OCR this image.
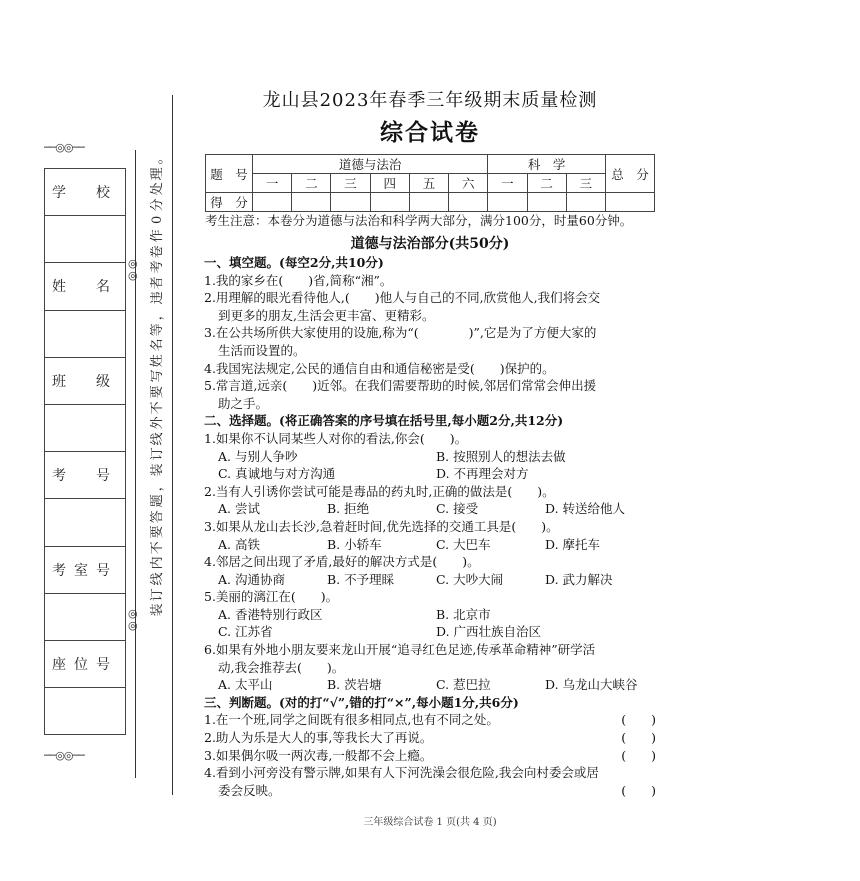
──◎◎──
◎
◎
◎
◎
──◎◎──
学　校

姓　名

班　级

考　号

考室号

座位号

。
理
处
分
0
作
卷
考
者
违
，
等
名
姓
写
要
不
外
线
订
装
，
题
答
要
不
内
线
订
装
龙山县2023年春季三年级期末质量检测
综合试卷
题　号	道德与法治						科　学			总　分
	一	二	三	四	五	六	一	二	三	
得　分										
考生注意：本卷分为道德与法治和科学两大部分，满分100分，时量60分钟。
道德与法治部分(共50分)
一、填空题。(每空2分,共10分)
1.我的家乡在(　　)省,简称“湘”。
2.用理解的眼光看待他人,(　　)他人与自己的不同,欣赏他人,我们将会交
到更多的朋友,生活会更丰富、更精彩。
3.在公共场所供大家使用的设施,称为“(　　　　)”,它是为了方便大家的
生活而设置的。
4.我国宪法规定,公民的通信自由和通信秘密是受(　　)保护的。
5.常言道,远亲(　　)近邻。在我们需要帮助的时候,邻居们常常会伸出援
助之手。
二、选择题。(将正确答案的序号填在括号里,每小题2分,共12分)
1.如果你不认同某些人对你的看法,你会(　　)。
A. 与别人争吵	B. 按照别人的想法去做
C. 真诚地与对方沟通	D. 不再理会对方
2.当有人引诱你尝试可能是毒品的药丸时,正确的做法是(　　)。
A. 尝试	B. 拒绝	C. 接受	D. 转送给他人
3.如果从龙山去长沙,急着赶时间,优先选择的交通工具是(　　)。
A. 高铁	B. 小轿车	C. 大巴车	D. 摩托车
4.邻居之间出现了矛盾,最好的解决方式是(　　)。
A. 沟通协商	B. 不予理睬	C. 大吵大闹	D. 武力解决
5.美丽的漓江在(　　)。
A. 香港特别行政区	B. 北京市
C. 江苏省	D. 广西壮族自治区
6.如果有外地小朋友要来龙山开展“追寻红色足迹,传承革命精神”研学活
动,我会推荐去(　　)。
A. 太平山	B. 茨岩塘	C. 惹巴拉	D. 乌龙山大峡谷
三、判断题。(对的打“√”,错的打“×”,每小题1分,共6分)
1.在一个班,同学之间既有很多相同点,也有不同之处。	(　　)
2.助人为乐是大人的事,等我长大了再说。	(　　)
3.如果偶尔吸一两次毒,一般都不会上瘾。	(　　)
4.看到小河旁没有警示牌,如果有人下河洗澡会很危险,我会向村委会或居
委会反映。	(　　)
三年级综合试卷 1 页(共 4 页)
